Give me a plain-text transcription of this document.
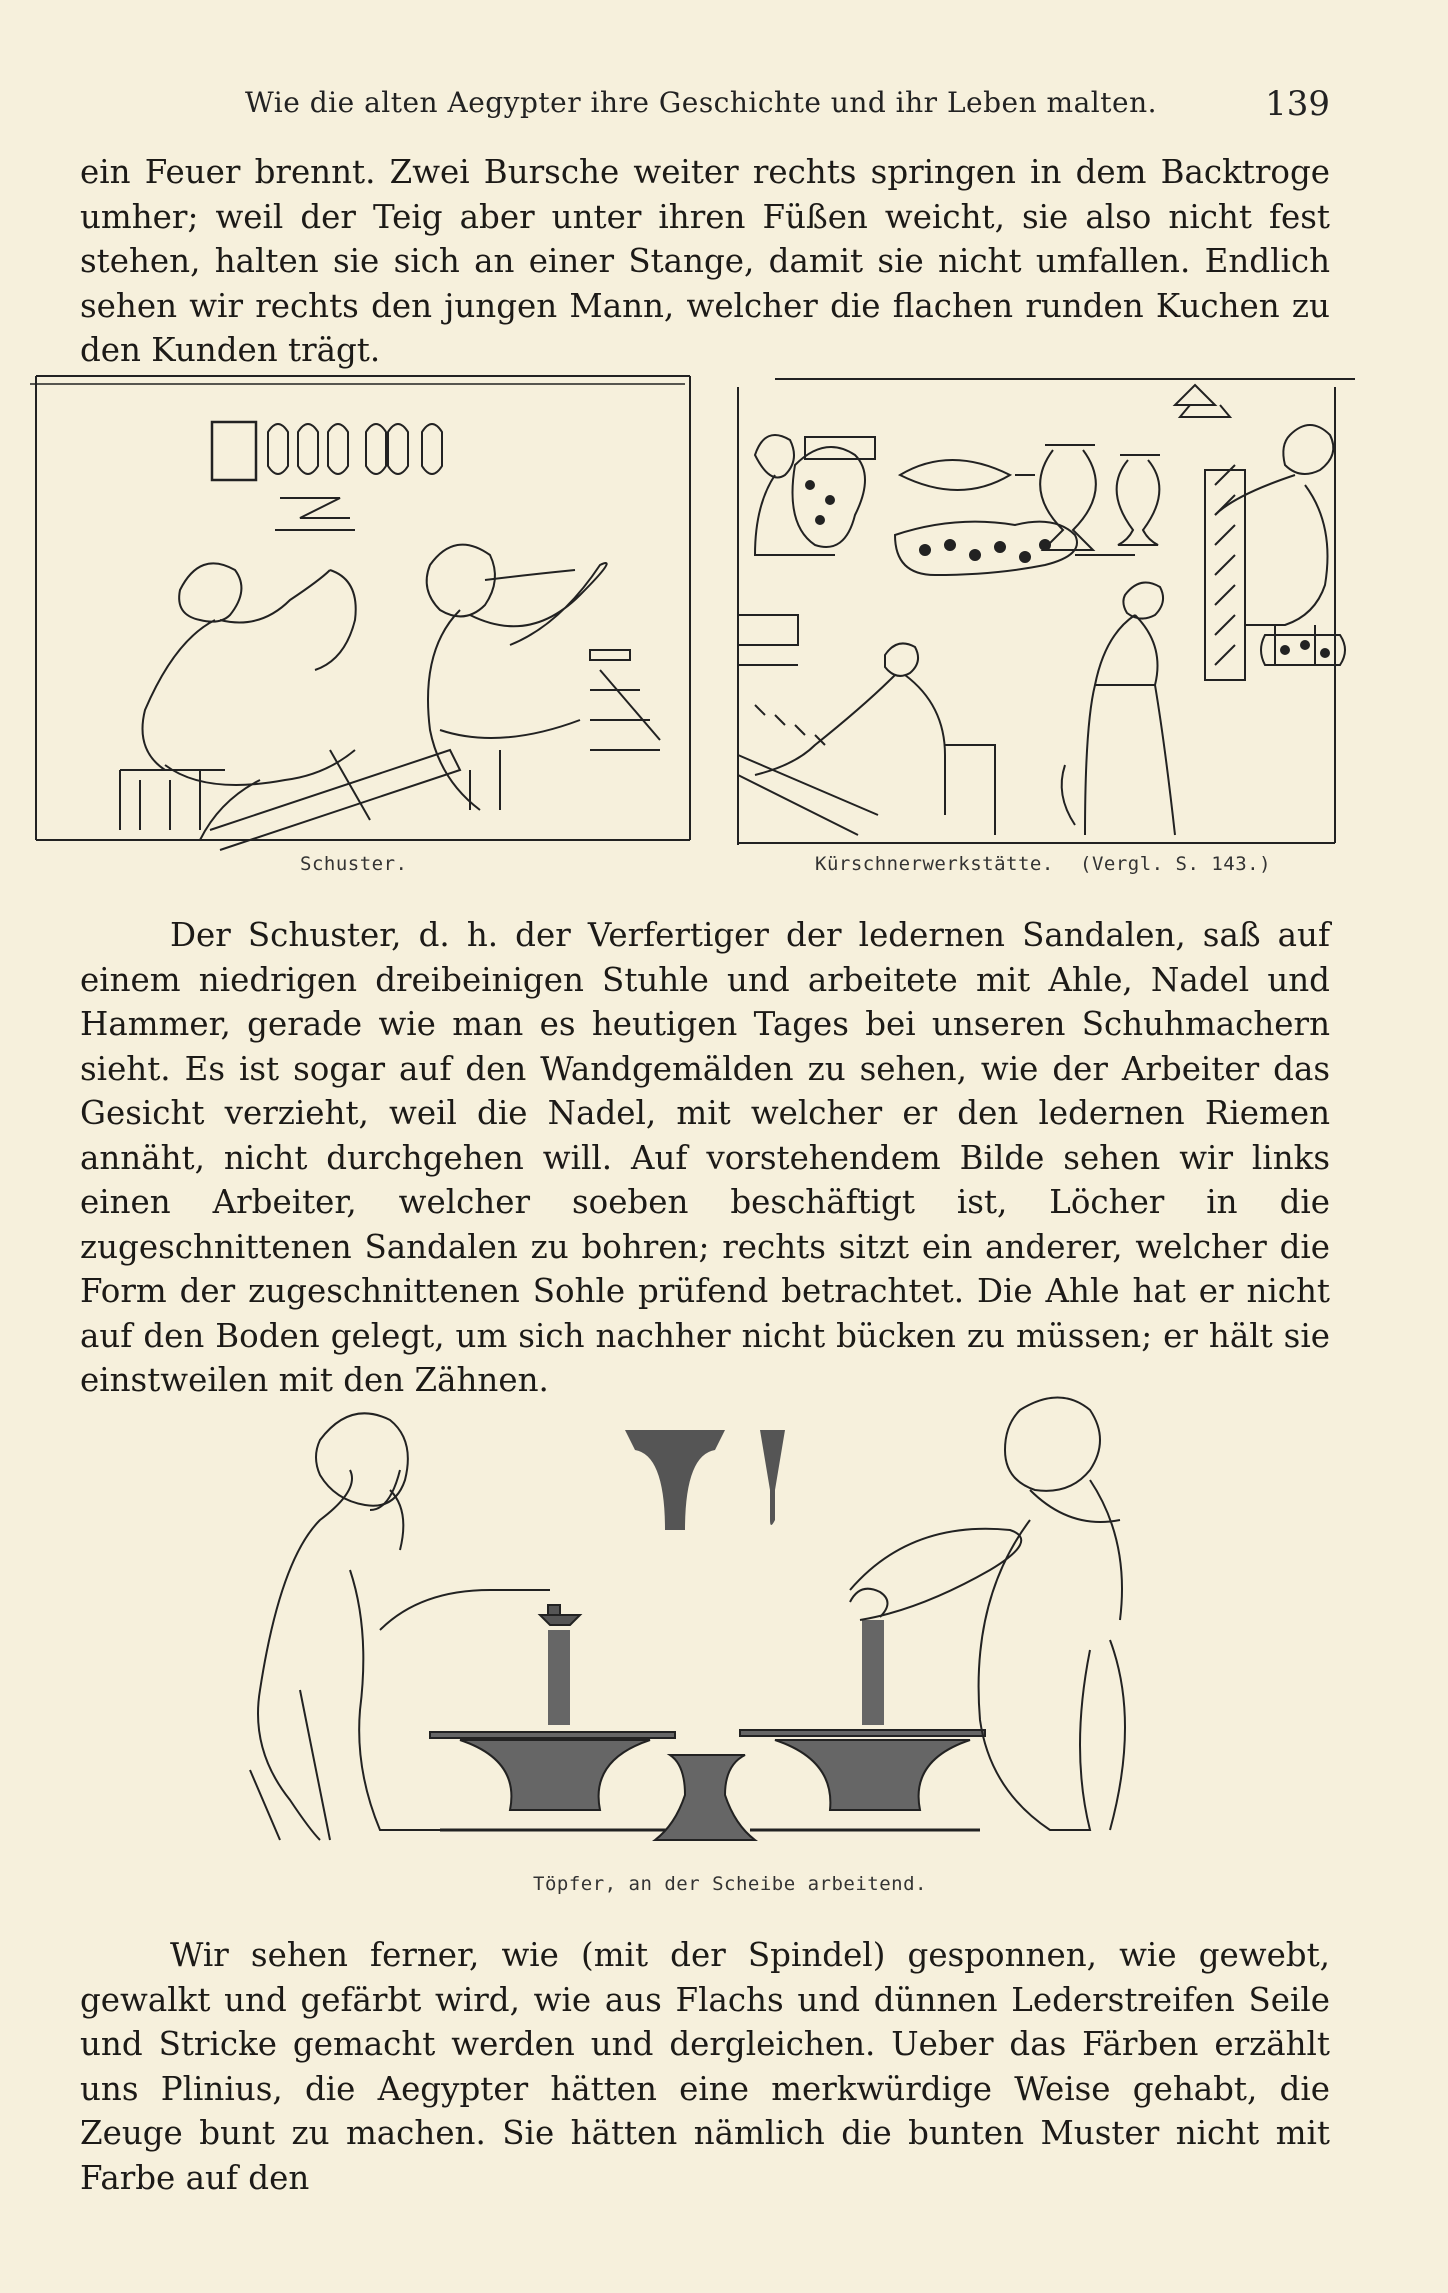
Wie die alten Aegypter ihre Geschichte und ihr Leben malten.	139

ein Feuer brennt. Zwei Bursche weiter rechts springen in dem Backtroge umher; weil der Teig aber unter ihren Füßen weicht, sie also nicht fest stehen, halten sie sich an einer Stange, damit sie nicht umfallen. Endlich sehen wir rechts den jungen Mann, welcher die flachen runden Kuchen zu den Kunden trägt.

Schuster.	Kürschnerwerkstätte. (Vergl. S. 143.)

Der Schuster, d. h. der Verfertiger der ledernen Sandalen, saß auf einem niedrigen dreibeinigen Stuhle und arbeitete mit Ahle, Nadel und Hammer, gerade wie man es heutigen Tages bei unseren Schuhmachern sieht. Es ist sogar auf den Wandgemälden zu sehen, wie der Arbeiter das Gesicht verzieht, weil die Nadel, mit welcher er den ledernen Riemen annäht, nicht durchgehen will. Auf vorstehendem Bilde sehen wir links einen Arbeiter, welcher soeben beschäftigt ist, Löcher in die zugeschnittenen Sandalen zu bohren; rechts sitzt ein anderer, welcher die Form der zugeschnittenen Sohle prüfend betrachtet. Die Ahle hat er nicht auf den Boden gelegt, um sich nachher nicht bücken zu müssen; er hält sie einstweilen mit den Zähnen.

Töpfer, an der Scheibe arbeitend.

Wir sehen ferner, wie (mit der Spindel) gesponnen, wie gewebt, gewalkt und gefärbt wird, wie aus Flachs und dünnen Lederstreifen Seile und Stricke gemacht werden und dergleichen. Ueber das Färben erzählt uns Plinius, die Aegypter hätten eine merkwürdige Weise gehabt, die Zeuge bunt zu machen. Sie hätten nämlich die bunten Muster nicht mit Farbe auf den
